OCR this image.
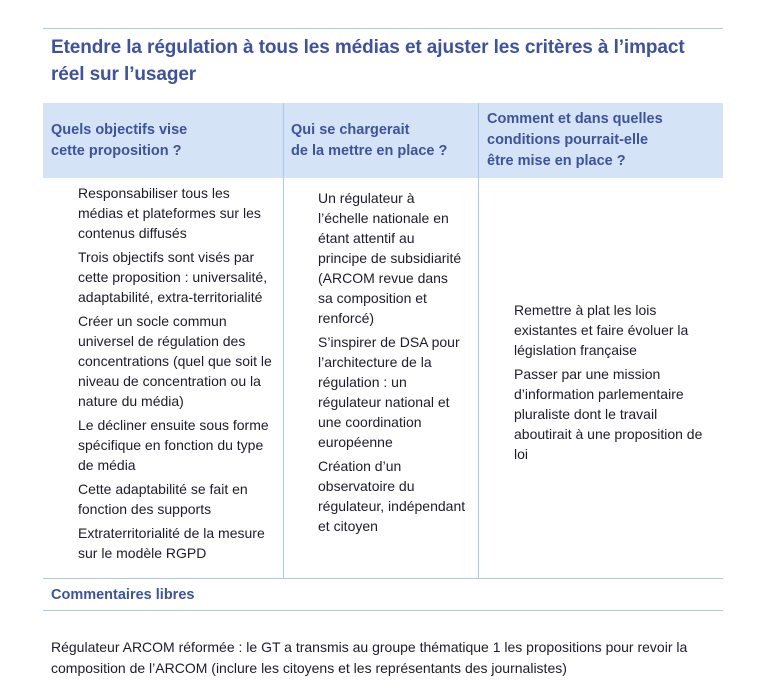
Etendre la régulation à tous les médias et ajuster les critères à l’impact réel sur l’usager
Quels objectifs vise
cette proposition ?
Qui se chargerait
de la mettre en place ?
Comment et dans quelles
conditions pourrait-elle
être mise en place ?

Responsabiliser tous les médias et plateformes sur les contenus diffusés

Trois objectifs sont visés par cette proposition : universalité, adaptabilité, extra-territorialité

Créer un socle commun universel de régulation des concentrations (quel que soit le niveau de concentration ou la nature du média)

Le décliner ensuite sous forme spécifique en fonction du type de média

Cette adaptabilité se fait en fonction des supports

Extraterritorialité de la mesure sur le modèle RGPD

Un régulateur à l’échelle nationale en étant attentif au principe de subsidiarité (ARCOM revue dans sa composition et renforcé)

S’inspirer de DSA pour l’architecture de la régulation : un régulateur national et une coordination européenne

Création d’un observatoire du régulateur, indépendant et citoyen

Remettre à plat les lois existantes et faire évoluer la législation française

Passer par une mission d’information parlementaire pluraliste dont le travail aboutirait à une proposition de loi

Commentaires libres
Régulateur ARCOM réformée : le GT a transmis au groupe thématique 1 les propositions pour revoir la composition de l’ARCOM (inclure les citoyens et les représentants des journalistes)
